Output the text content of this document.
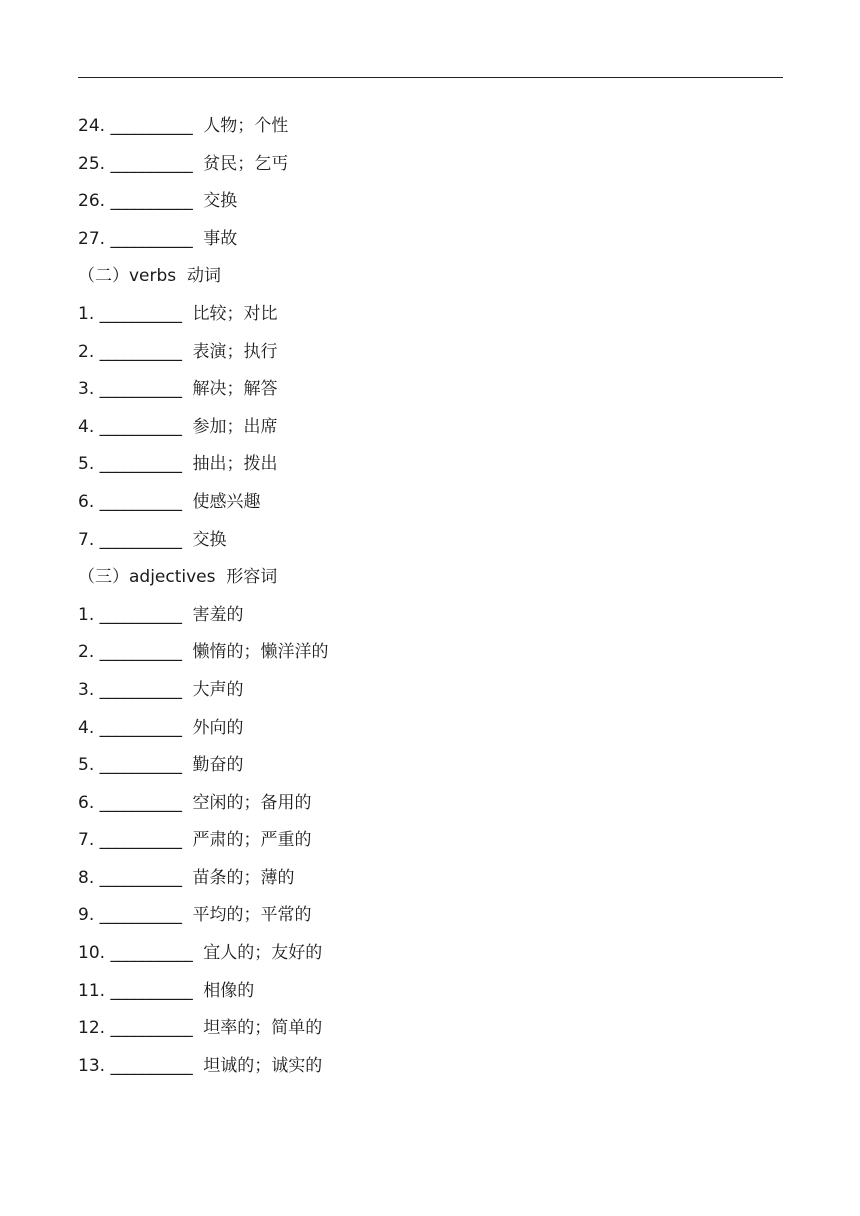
24. __________ 人物；个性
25. __________ 贫民；乞丐
26. __________ 交换
27. __________ 事故
（二）verbs  动词
1. __________ 比较；对比
2. __________ 表演；执行
3. __________ 解决；解答
4. __________ 参加；出席
5. __________ 抽出；拨出
6. __________ 使感兴趣
7. __________ 交换
（三）adjectives  形容词
1. __________ 害羞的
2. __________ 懒惰的；懒洋洋的
3. __________ 大声的
4. __________ 外向的
5. __________ 勤奋的
6. __________ 空闲的；备用的
7. __________ 严肃的；严重的
8. __________ 苗条的；薄的
9. __________ 平均的；平常的
10. __________ 宜人的；友好的
11. __________ 相像的
12. __________ 坦率的；简单的
13. __________ 坦诚的；诚实的
